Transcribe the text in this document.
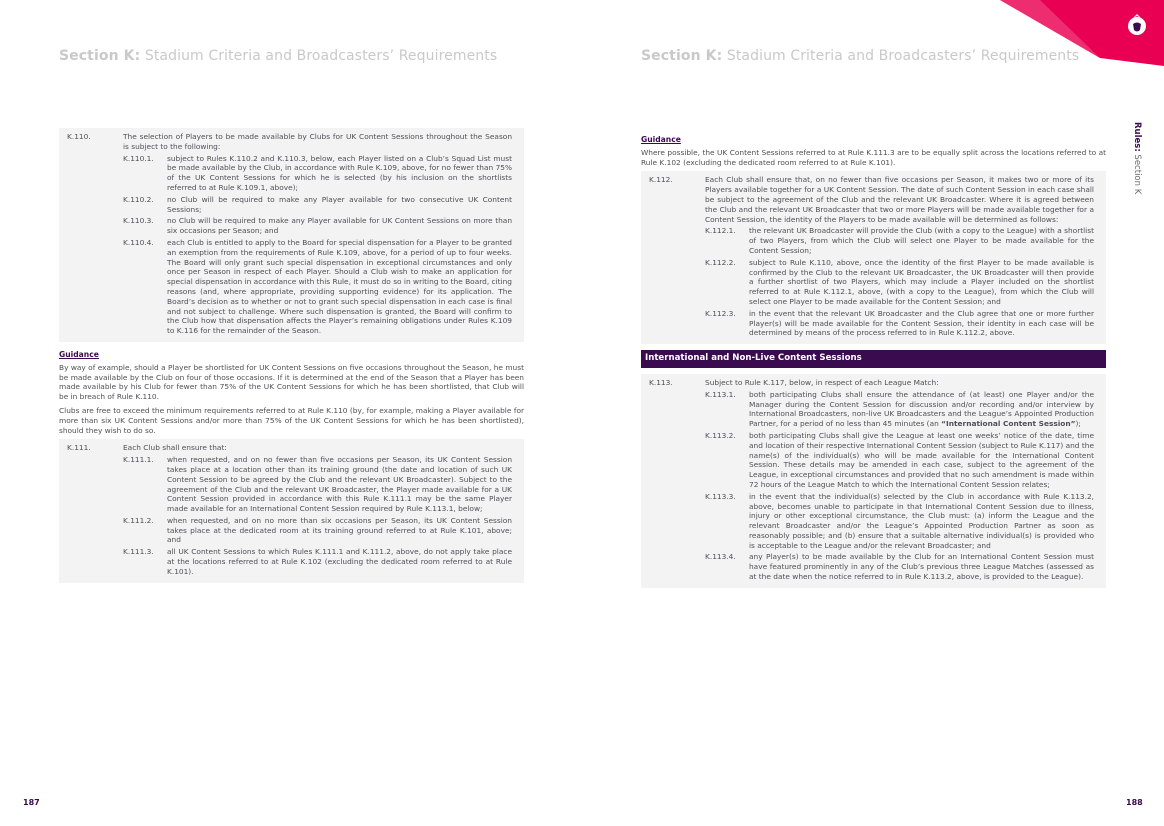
Section K: Stadium Criteria and Broadcasters’ Requirements	Section K: Stadium Criteria and Broadcasters’ Requirements
Rules: Section K
K.110.	The selection of Players to be made available by Clubs for UK Content Sessions throughout the Season is subject to the following:
K.110.1.	subject to Rules K.110.2 and K.110.3, below, each Player listed on a Club’s Squad List must be made available by the Club, in accordance with Rule K.109, above, for no fewer than 75% of the UK Content Sessions for which he is selected (by his inclusion on the shortlists referred to at Rule K.109.1, above);
K.110.2.	no Club will be required to make any Player available for two consecutive UK Content Sessions;
K.110.3.	no Club will be required to make any Player available for UK Content Sessions on more than six occasions per Season; and
K.110.4.	each Club is entitled to apply to the Board for special dispensation for a Player to be granted an exemption from the requirements of Rule K.109, above, for a period of up to four weeks. The Board will only grant such special dispensation in exceptional circumstances and only once per Season in respect of each Player. Should a Club wish to make an application for special dispensation in accordance with this Rule, it must do so in writing to the Board, citing reasons (and, where appropriate, providing supporting evidence) for its application. The Board’s decision as to whether or not to grant such special dispensation in each case is final and not subject to challenge. Where such dispensation is granted, the Board will confirm to the Club how that dispensation affects the Player’s remaining obligations under Rules K.109 to K.116 for the remainder of the Season.
Guidance
By way of example, should a Player be shortlisted for UK Content Sessions on five occasions throughout the Season, he must be made available by the Club on four of those occasions. If it is determined at the end of the Season that a Player has been made available by his Club for fewer than 75% of the UK Content Sessions for which he has been shortlisted, that Club will be in breach of Rule K.110.
Clubs are free to exceed the minimum requirements referred to at Rule K.110 (by, for example, making a Player available for more than six UK Content Sessions and/or more than 75% of the UK Content Sessions for which he has been shortlisted), should they wish to do so.
K.111.	Each Club shall ensure that:
K.111.1.	when requested, and on no fewer than five occasions per Season, its UK Content Session takes place at a location other than its training ground (the date and location of such UK Content Session to be agreed by the Club and the relevant UK Broadcaster). Subject to the agreement of the Club and the relevant UK Broadcaster, the Player made available for a UK Content Session provided in accordance with this Rule K.111.1 may be the same Player made available for an International Content Session required by Rule K.113.1, below;
K.111.2.	when requested, and on no more than six occasions per Season, its UK Content Session takes place at the dedicated room at its training ground referred to at Rule K.101, above; and
K.111.3.	all UK Content Sessions to which Rules K.111.1 and K.111.2, above, do not apply take place at the locations referred to at Rule K.102 (excluding the dedicated room referred to at Rule K.101).
Guidance
Where possible, the UK Content Sessions referred to at Rule K.111.3 are to be equally split across the locations referred to at Rule K.102 (excluding the dedicated room referred to at Rule K.101).
K.112.	Each Club shall ensure that, on no fewer than five occasions per Season, it makes two or more of its Players available together for a UK Content Session. The date of such Content Session in each case shall be subject to the agreement of the Club and the relevant UK Broadcaster. Where it is agreed between the Club and the relevant UK Broadcaster that two or more Players will be made available together for a Content Session, the identity of the Players to be made available will be determined as follows:
K.112.1.	the relevant UK Broadcaster will provide the Club (with a copy to the League) with a shortlist of two Players, from which the Club will select one Player to be made available for the Content Session;
K.112.2.	subject to Rule K.110, above, once the identity of the first Player to be made available is confirmed by the Club to the relevant UK Broadcaster, the UK Broadcaster will then provide a further shortlist of two Players, which may include a Player included on the shortlist referred to at Rule K.112.1, above, (with a copy to the League), from which the Club will select one Player to be made available for the Content Session; and
K.112.3.	in the event that the relevant UK Broadcaster and the Club agree that one or more further Player(s) will be made available for the Content Session, their identity in each case will be determined by means of the process referred to in Rule K.112.2, above.
International and Non-Live Content Sessions
K.113.	Subject to Rule K.117, below, in respect of each League Match:
K.113.1.	both participating Clubs shall ensure the attendance of (at least) one Player and/or the Manager during the Content Session for discussion and/or recording and/or interview by International Broadcasters, non-live UK Broadcasters and the League’s Appointed Production Partner, for a period of no less than 45 minutes (an “International Content Session”);
K.113.2.	both participating Clubs shall give the League at least one weeks’ notice of the date, time and location of their respective International Content Session (subject to Rule K.117) and the name(s) of the individual(s) who will be made available for the International Content Session. These details may be amended in each case, subject to the agreement of the League, in exceptional circumstances and provided that no such amendment is made within 72 hours of the League Match to which the International Content Session relates;
K.113.3.	in the event that the individual(s) selected by the Club in accordance with Rule K.113.2, above, becomes unable to participate in that International Content Session due to illness, injury or other exceptional circumstance, the Club must: (a) inform the League and the relevant Broadcaster and/or the League’s Appointed Production Partner as soon as reasonably possible; and (b) ensure that a suitable alternative individual(s) is provided who is acceptable to the League and/or the relevant Broadcaster; and
K.113.4.	any Player(s) to be made available by the Club for an International Content Session must have featured prominently in any of the Club’s previous three League Matches (assessed as at the date when the notice referred to in Rule K.113.2, above, is provided to the League).
187	188
